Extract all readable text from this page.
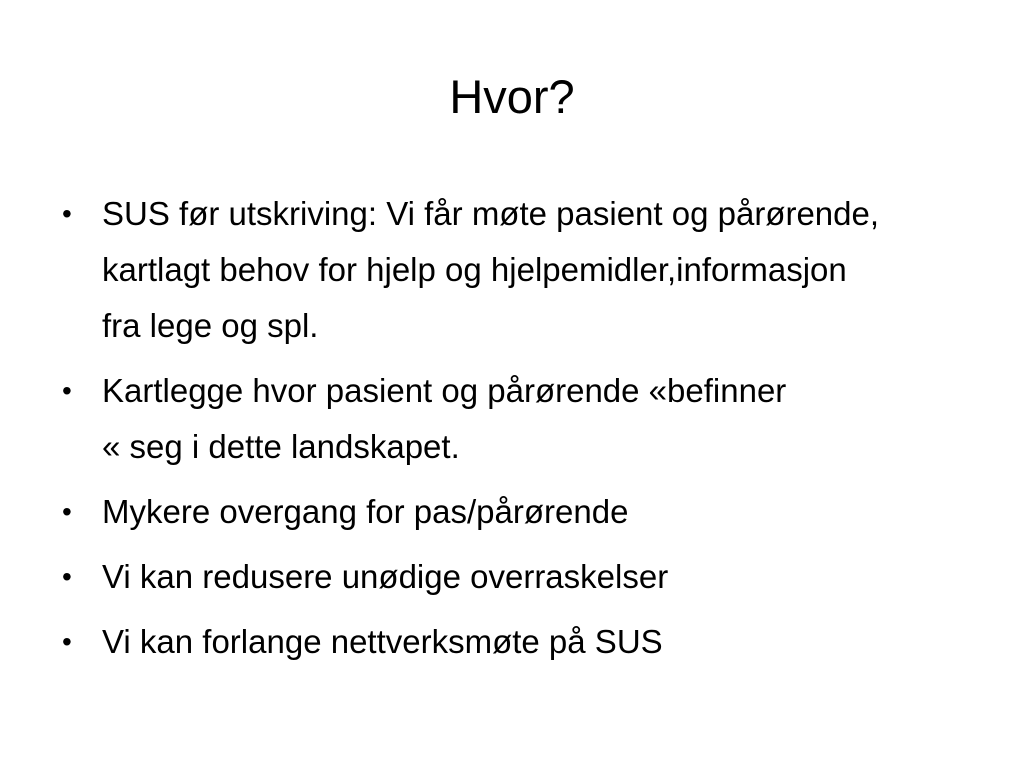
Hvor?
• SUS før utskriving: Vi får møte pasient og pårørende, kartlagt behov for hjelp og hjelpemidler,informasjon fra lege og spl.
• Kartlegge hvor pasient og pårørende «befinner « seg i dette landskapet.
• Mykere overgang for pas/pårørende
• Vi kan redusere unødige overraskelser
• Vi kan forlange nettverksmøte på SUS
